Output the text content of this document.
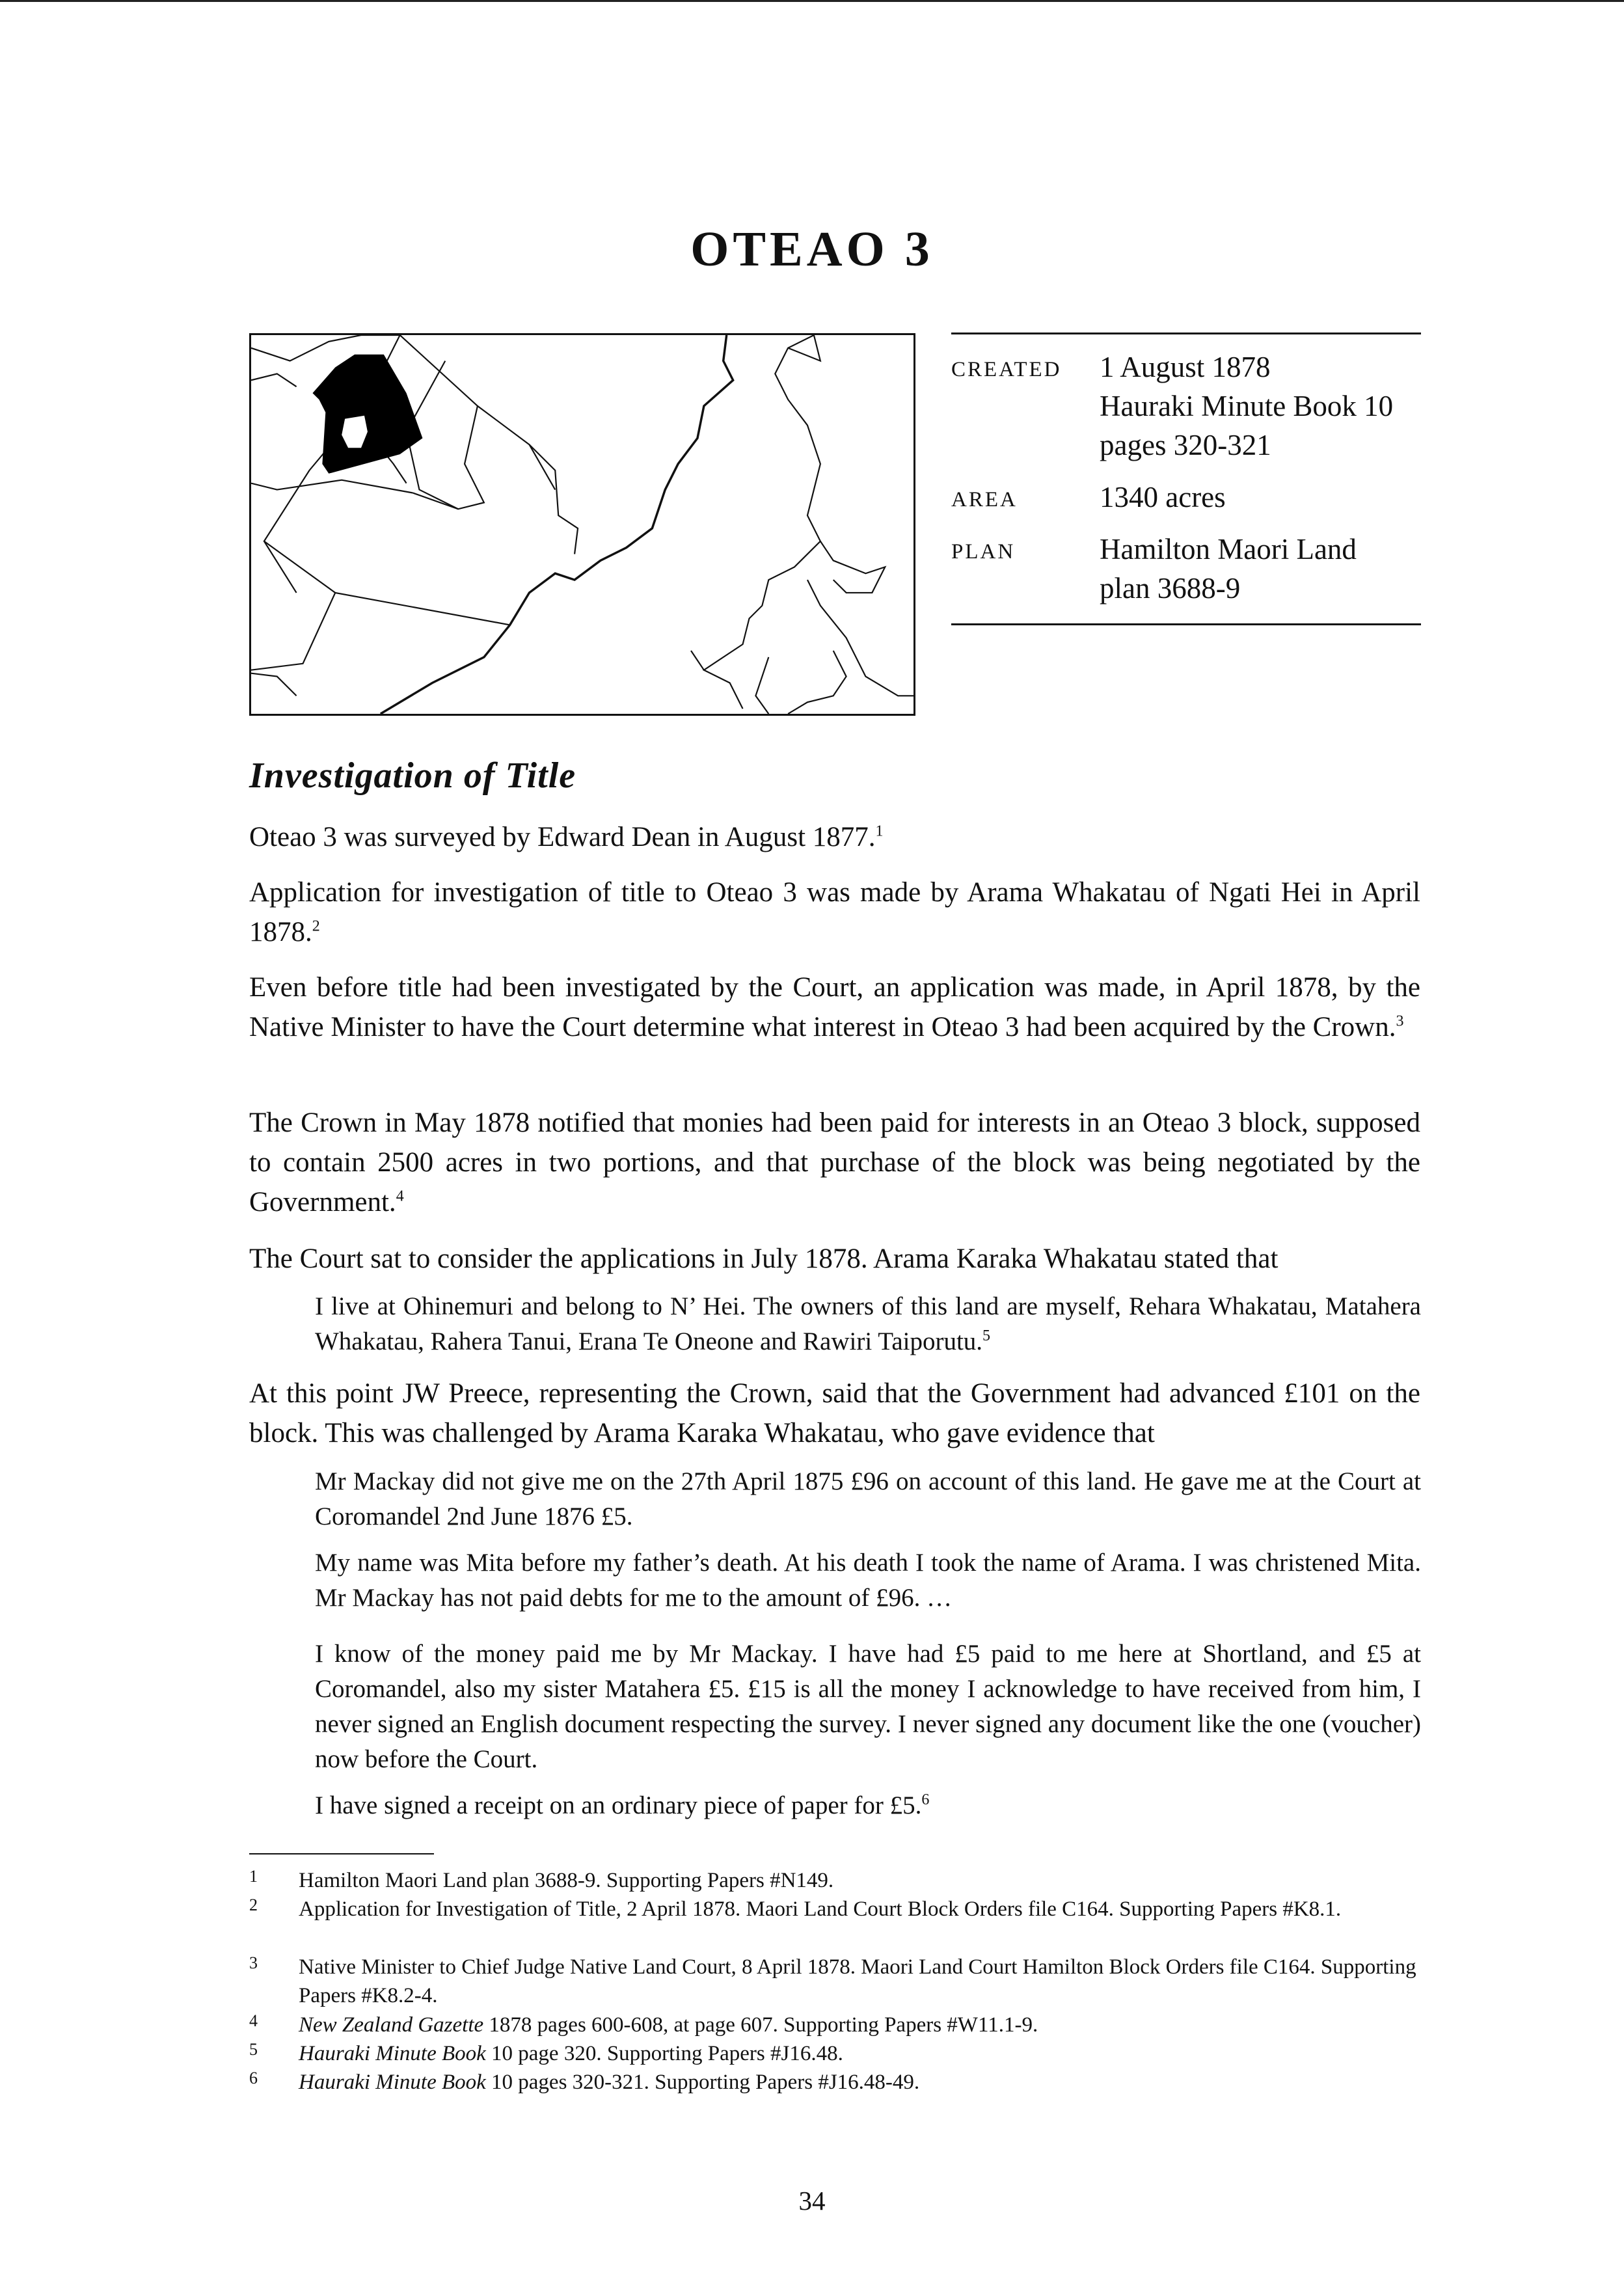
OTEAO 3
CREATED 1 August 1878
Hauraki Minute Book 10
pages 320-321
AREA	1340 acres
PLAN	Hamilton Maori Land
plan 3688-9
Investigation of Title
Oteao 3 was surveyed by Edward Dean in August 1877.$^1$
Application for investigation of title to Oteao 3 was made by Arama Whakatau of Ngati Hei in April 1878.$^2$
Even before title had been investigated by the Court, an application was made, in April 1878, by the Native Minister to have the Court determine what interest in Oteao 3 had been acquired by the Crown.$^3$
The Crown in May 1878 notified that monies had been paid for interests in an Oteao 3 block, supposed to contain 2500 acres in two portions, and that purchase of the block was being negotiated by the Government.$^4$
The Court sat to consider the applications in July 1878. Arama Karaka Whakatau stated that
I live at Ohinemuri and belong to N’ Hei. The owners of this land are myself, Rehara Whakatau, Matahera Whakatau, Rahera Tanui, Erana Te Oneone and Rawiri Taiporutu.$^5$
At this point JW Preece, representing the Crown, said that the Government had advanced £101 on the block. This was challenged by Arama Karaka Whakatau, who gave evidence that
Mr Mackay did not give me on the 27th April 1875 £96 on account of this land. He gave me at the Court at Coromandel 2nd June 1876 £5.
My name was Mita before my father’s death. At his death I took the name of Arama. I was christened Mita. Mr Mackay has not paid debts for me to the amount of £96. …
I know of the money paid me by Mr Mackay. I have had £5 paid to me here at Shortland, and £5 at Coromandel, also my sister Matahera £5. £15 is all the money I acknowledge to have received from him, I never signed an English document respecting the survey. I never signed any document like the one (voucher) now before the Court.
I have signed a receipt on an ordinary piece of paper for £5.$^6$
1 Hamilton Maori Land plan 3688-9. Supporting Papers #N149.
2 Application for Investigation of Title, 2 April 1878. Maori Land Court Block Orders file C164. Supporting Papers #K8.1.
3 Native Minister to Chief Judge Native Land Court, 8 April 1878. Maori Land Court Hamilton Block Orders file C164. Supporting Papers #K8.2-4.
4 New Zealand Gazette 1878 pages 600-608, at page 607. Supporting Papers #W11.1-9.
5 Hauraki Minute Book 10 page 320. Supporting Papers #J16.48.
6 Hauraki Minute Book 10 pages 320-321. Supporting Papers #J16.48-49.
34
